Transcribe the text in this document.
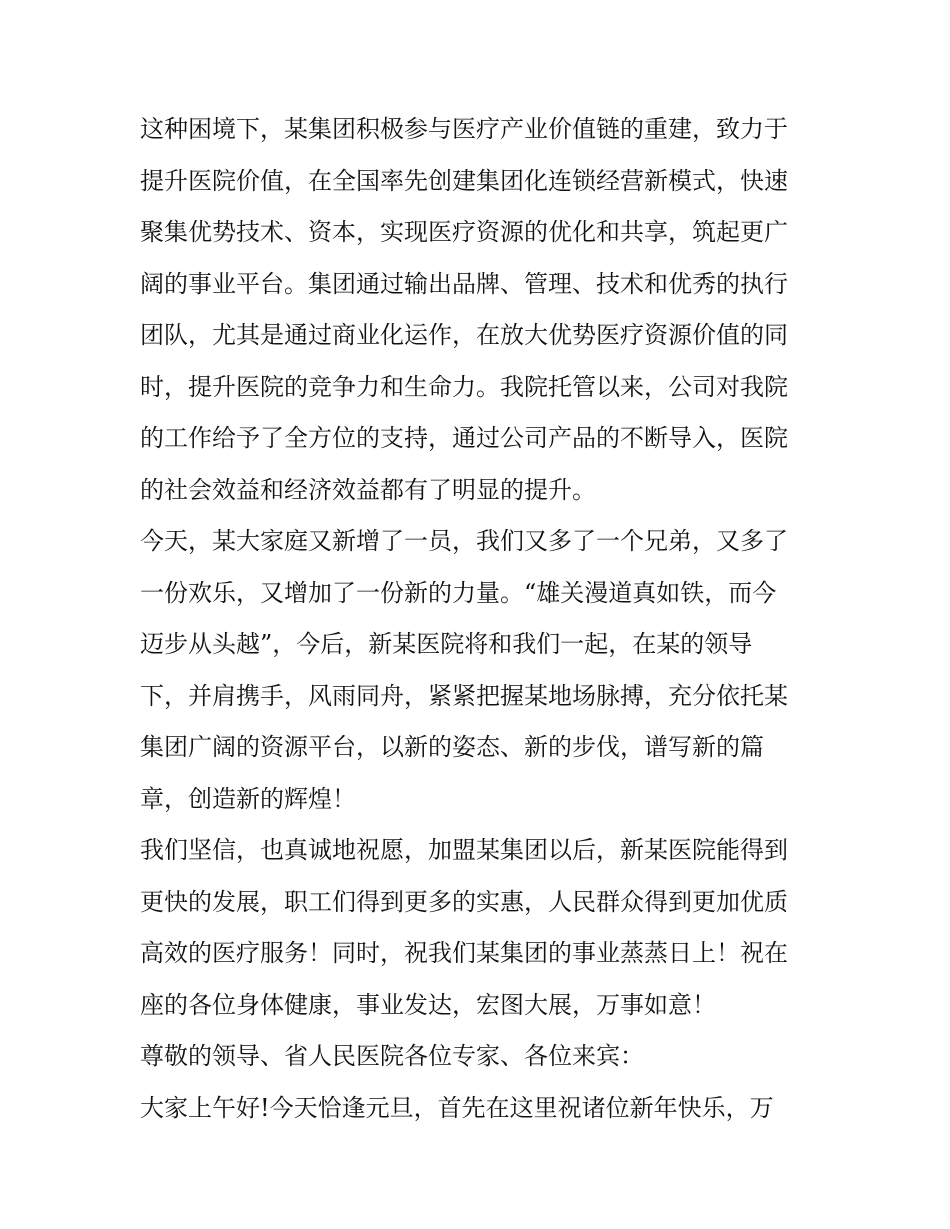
这种困境下，某集团积极参与医疗产业价值链的重建，致力于
提升医院价值，在全国率先创建集团化连锁经营新模式，快速
聚集优势技术、资本，实现医疗资源的优化和共享，筑起更广
阔的事业平台。集团通过输出品牌、管理、技术和优秀的执行
团队，尤其是通过商业化运作，在放大优势医疗资源价值的同
时，提升医院的竞争力和生命力。我院托管以来，公司对我院
的工作给予了全方位的支持，通过公司产品的不断导入，医院
的社会效益和经济效益都有了明显的提升。
今天，某大家庭又新增了一员，我们又多了一个兄弟，又多了
一份欢乐，又增加了一份新的力量。“雄关漫道真如铁，而今
迈步从头越”，今后，新某医院将和我们一起，在某的领导
下，并肩携手，风雨同舟，紧紧把握某地场脉搏，充分依托某
集团广阔的资源平台，以新的姿态、新的步伐，谱写新的篇
章，创造新的辉煌！
我们坚信，也真诚地祝愿，加盟某集团以后，新某医院能得到
更快的发展，职工们得到更多的实惠，人民群众得到更加优质
高效的医疗服务！同时，祝我们某集团的事业蒸蒸日上！祝在
座的各位身体健康，事业发达，宏图大展，万事如意！
尊敬的领导、省人民医院各位专家、各位来宾：
大家上午好!今天恰逢元旦，首先在这里祝诸位新年快乐，万
